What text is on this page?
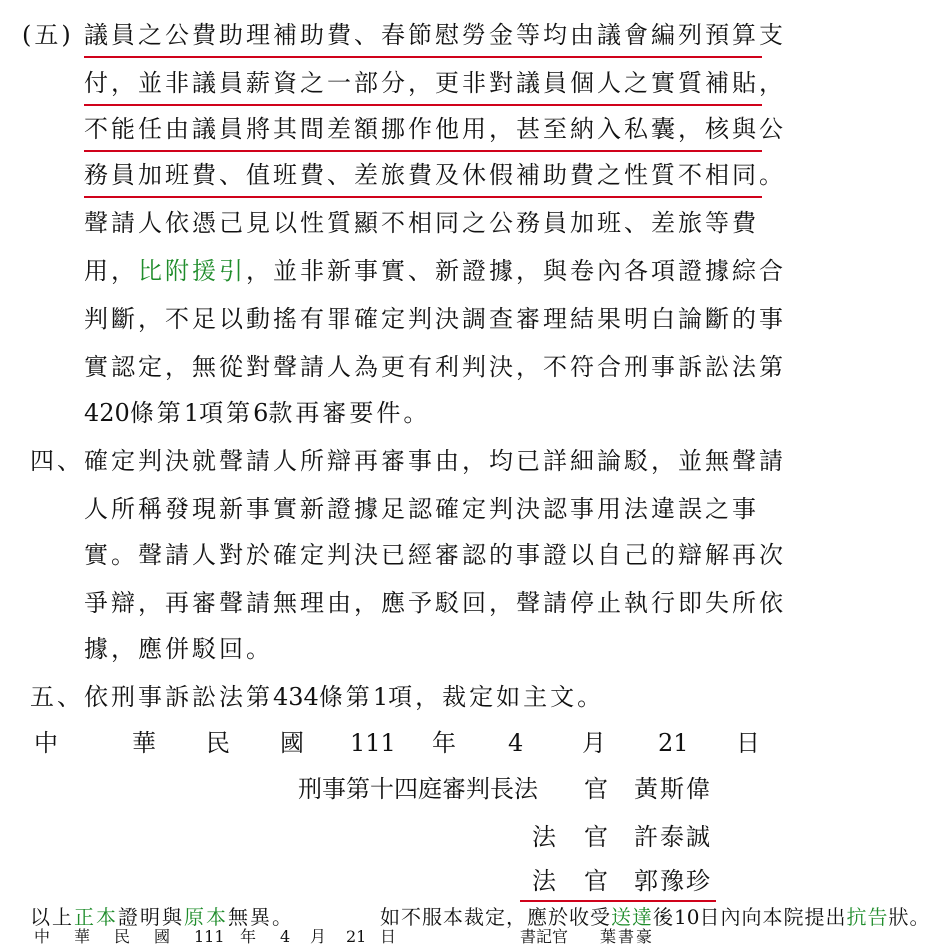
(五) 議員之公費助理補助費、春節慰勞金等均由議會編列預算支
付，並非議員薪資之一部分，更非對議員個人之實質補貼，
不能任由議員將其間差額挪作他用，甚至納入私囊，核與公
務員加班費、值班費、差旅費及休假補助費之性質不相同。
聲請人依憑己見以性質顯不相同之公務員加班、差旅等費
用，比附援引，並非新事實、新證據，與卷內各項證據綜合
判斷，不足以動搖有罪確定判決調查審理結果明白論斷的事
實認定，無從對聲請人為更有利判決，不符合刑事訴訟法第
420條第1項第6款再審要件。
四、 確定判決就聲請人所辯再審事由，均已詳細論駁，並無聲請
人所稱發現新事實新證據足認確定判決認事用法違誤之事
實。聲請人對於確定判決已經審認的事證以自己的辯解再次
爭辯，再審聲請無理由，應予駁回，聲請停止執行即失所依
據，應併駁回。
五、 依刑事訴訟法第434條第1項，裁定如主文。
中	華 民 國 111 年 4 月 21 日
刑事第十四庭審判長法 官 黃斯偉
法 官 許泰誠
法 官 郭豫珍
以上正本證明與原本無異。	如不服本裁定，應於收受送達後10日內向本院提出抗告狀。
書記官 葉書豪
中 華 民 國 111 年 4 月 21 日
